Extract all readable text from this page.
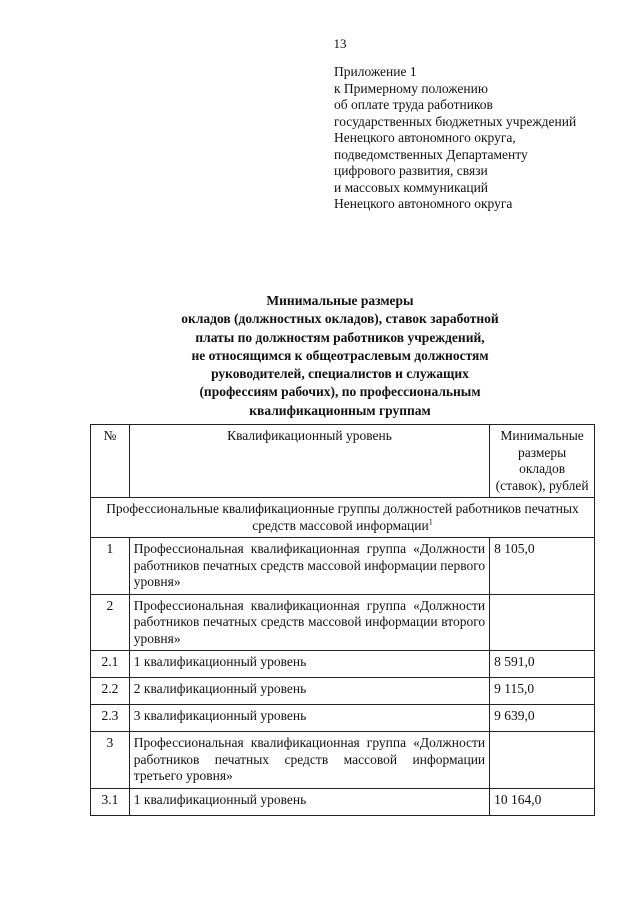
13
Приложение 1
к Примерному положению
об оплате труда работников
государственных бюджетных учреждений
Ненецкого автономного округа,
подведомственных Департаменту
цифрового развития, связи
и массовых коммуникаций
Ненецкого автономного округа
Минимальные размеры
окладов (должностных окладов), ставок заработной
платы по должностям работников учреждений,
не относящимся к общеотраслевым должностям
руководителей, специалистов и служащих
(профессиям рабочих), по профессиональным
квалификационным группам
№	Квалификационный уровень	Минимальные размеры окладов (ставок), рублей
Профессиональные квалификационные группы должностей работников печатных средств массовой информации$^1$
1	Профессиональная квалификационная группа «Должности работников печатных средств массовой информации первого уровня»	8 105,0
2	Профессиональная квалификационная группа «Должности работников печатных средств массовой информации второго уровня»	
2.1	1 квалификационный уровень	8 591,0
2.2	2 квалификационный уровень	9 115,0
2.3	3 квалификационный уровень	9 639,0
3	Профессиональная квалификационная группа «Должности работников печатных средств массовой информации третьего уровня»	
3.1	1 квалификационный уровень	10 164,0
